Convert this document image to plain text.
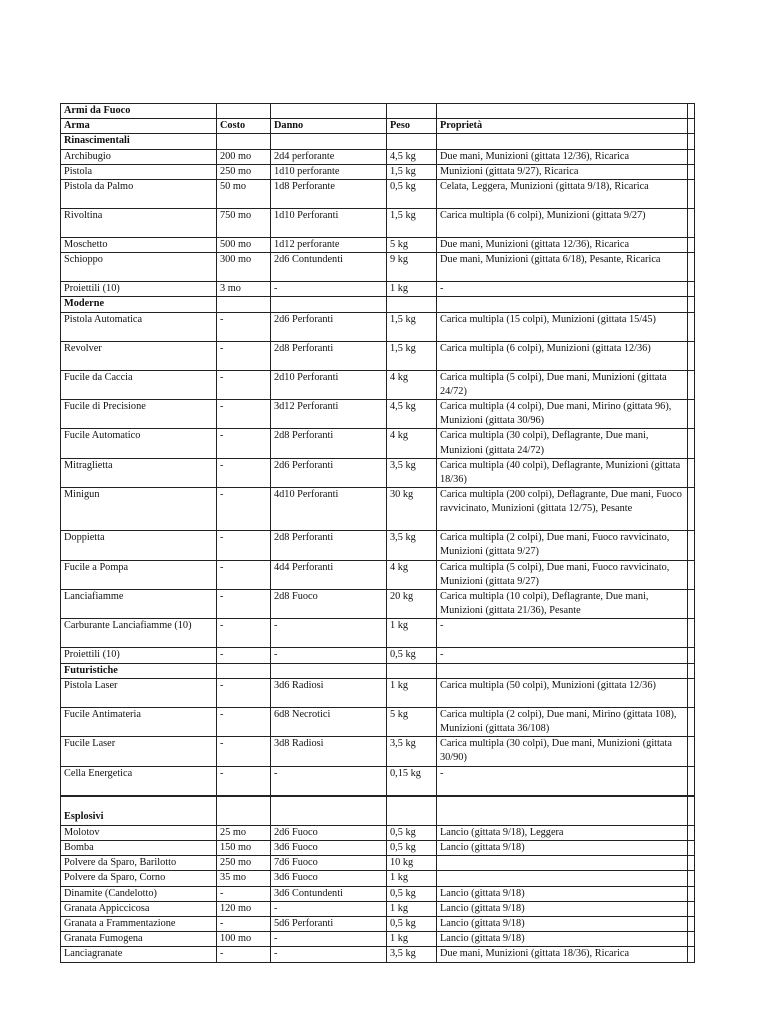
Armi da Fuoco					
Arma	Costo	Danno	Peso	Proprietà	
Rinascimentali					
Archibugio	200 mo	2d4 perforante	4,5 kg	Due mani, Munizioni (gittata 12/36), Ricarica	
Pistola	250 mo	1d10 perforante	1,5 kg	Munizioni (gittata 9/27), Ricarica	
Pistola da Palmo	50 mo	1d8 Perforante	0,5 kg	Celata, Leggera, Munizioni (gittata 9/18), Ricarica	
Rivoltina	750 mo	1d10 Perforanti	1,5 kg	Carica multipla (6 colpi), Munizioni (gittata 9/27)	
Moschetto	500 mo	1d12 perforante	5 kg	Due mani, Munizioni (gittata 12/36), Ricarica	
Schioppo	300 mo	2d6 Contundenti	9 kg	Due mani, Munizioni (gittata 6/18), Pesante, Ricarica	
Proiettili (10)	3 mo	-	1 kg	-	
Moderne					
Pistola Automatica	-	2d6 Perforanti	1,5 kg	Carica multipla (15 colpi), Munizioni (gittata 15/45)	
Revolver	-	2d8 Perforanti	1,5 kg	Carica multipla (6 colpi), Munizioni (gittata 12/36)	
Fucile da Caccia	-	2d10 Perforanti	4 kg	Carica multipla (5 colpi), Due mani, Munizioni (gittata 24/72)	
Fucile di Precisione	-	3d12 Perforanti	4,5 kg	Carica multipla (4 colpi), Due mani, Mirino (gittata 96), Munizioni (gittata 30/96)	
Fucile Automatico	-	2d8 Perforanti	4 kg	Carica multipla (30 colpi), Deflagrante, Due mani, Munizioni (gittata 24/72)	
Mitraglietta	-	2d6 Perforanti	3,5 kg	Carica multipla (40 colpi), Deflagrante, Munizioni (gittata 18/36)	
Minigun	-	4d10 Perforanti	30 kg	Carica multipla (200 colpi), Deflagrante, Due mani, Fuoco ravvicinato, Munizioni (gittata 12/75), Pesante	
Doppietta	-	2d8 Perforanti	3,5 kg	Carica multipla (2 colpi), Due mani, Fuoco ravvicinato, Munizioni (gittata 9/27)	
Fucile a Pompa	-	4d4 Perforanti	4 kg	Carica multipla (5 colpi), Due mani, Fuoco ravvicinato, Munizioni (gittata 9/27)	
Lanciafiamme	-	2d8 Fuoco	20 kg	Carica multipla (10 colpi), Deflagrante, Due mani, Munizioni (gittata 21/36), Pesante	
Carburante Lanciafiamme (10)	-	-	1 kg	-	
Proiettili (10)	-	-	0,5 kg	-	
Futuristiche					
Pistola Laser	-	3d6 Radiosi	1 kg	Carica multipla (50 colpi), Munizioni (gittata 12/36)	
Fucile Antimateria	-	6d8 Necrotici	5 kg	Carica multipla (2 colpi), Due mani, Mirino (gittata 108), Munizioni (gittata 36/108)	
Fucile Laser	-	3d8 Radiosi	3,5 kg	Carica multipla (30 colpi), Due mani, Munizioni (gittata 30/90)	
Cella Energetica	-	-	0,15 kg	-	

Esplosivi					
Molotov	25 mo	2d6 Fuoco	0,5 kg	Lancio (gittata 9/18), Leggera	
Bomba	150 mo	3d6 Fuoco	0,5 kg	Lancio (gittata 9/18)	
Polvere da Sparo, Barilotto	250 mo	7d6 Fuoco	10 kg		
Polvere da Sparo, Corno	35 mo	3d6 Fuoco	1 kg		
Dinamite (Candelotto)	-	3d6 Contundenti	0,5 kg	Lancio (gittata 9/18)	
Granata Appiccicosa	120 mo	-	1 kg	Lancio (gittata 9/18)	
Granata a Frammentazione	-	5d6 Perforanti	0,5 kg	Lancio (gittata 9/18)	
Granata Fumogena	100 mo	-	1 kg	Lancio (gittata 9/18)	
Lanciagranate	-	-	3,5 kg	Due mani, Munizioni (gittata 18/36), Ricarica	
